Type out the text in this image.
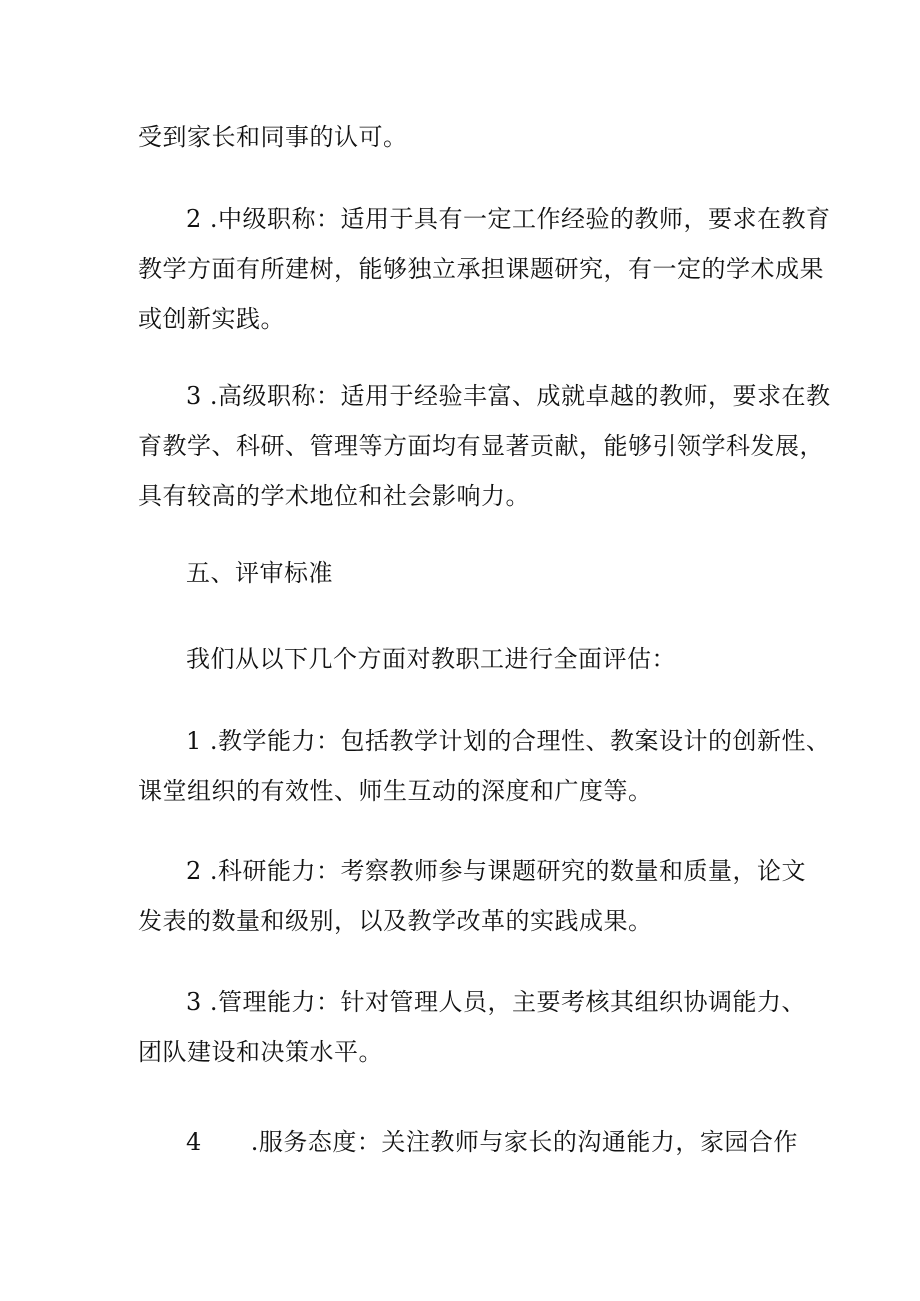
受到家长和同事的认可。
2 .中级职称：适用于具有一定工作经验的教师，要求在教育
教学方面有所建树，能够独立承担课题研究，有一定的学术成果
或创新实践。
3 .高级职称：适用于经验丰富、成就卓越的教师，要求在教
育教学、科研、管理等方面均有显著贡献，能够引领学科发展，
具有较高的学术地位和社会影响力。
五、评审标准
我们从以下几个方面对教职工进行全面评估：
1 .教学能力：包括教学计划的合理性、教案设计的创新性、
课堂组织的有效性、师生互动的深度和广度等。
2 .科研能力：考察教师参与课题研究的数量和质量，论文
发表的数量和级别，以及教学改革的实践成果。
3 .管理能力：针对管理人员，主要考核其组织协调能力、
团队建设和决策水平。
4　　.服务态度：关注教师与家长的沟通能力，家园合作
